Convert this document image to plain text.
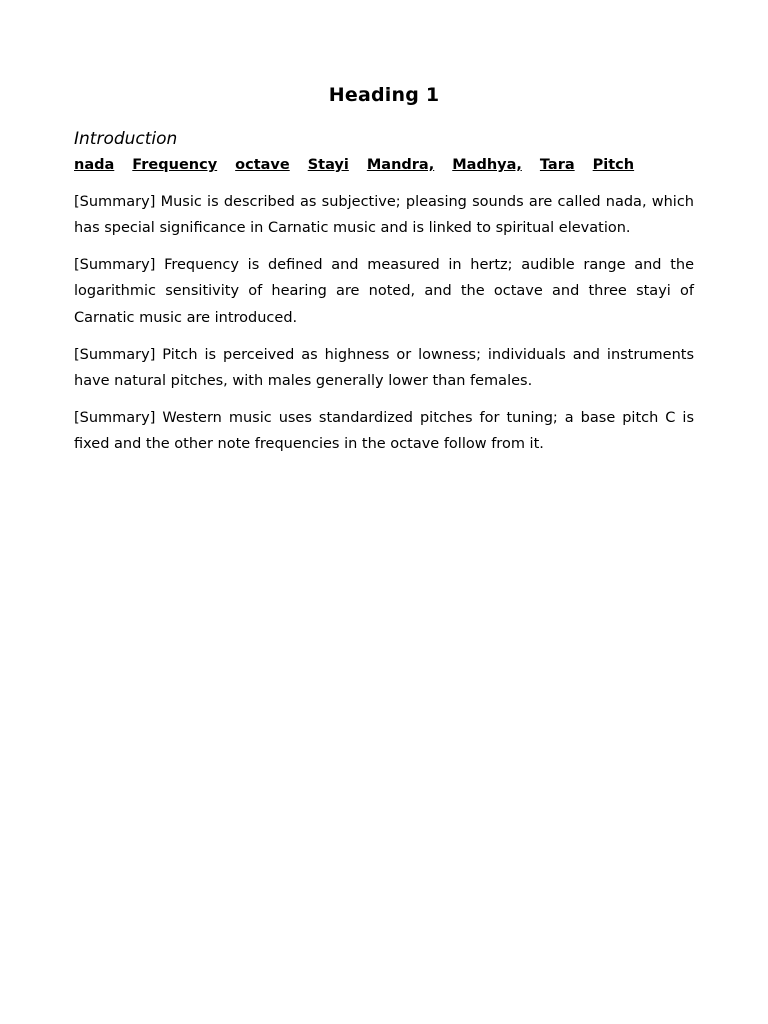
Heading 1
Introduction
nada Frequency octave Stayi Mandra, Madhya, Tara Pitch

[Summary] Music is described as subjective; pleasing sounds are called nada, which has special significance in Carnatic music and is linked to spiritual elevation.

[Summary] Frequency is defined and measured in hertz; audible range and the logarithmic sensitivity of hearing are noted, and the octave and three stayi of Carnatic music are introduced.

[Summary] Pitch is perceived as highness or lowness; individuals and instruments have natural pitches, with males generally lower than females.

[Summary] Western music uses standardized pitches for tuning; a base pitch C is fixed and the other note frequencies in the octave follow from it.
